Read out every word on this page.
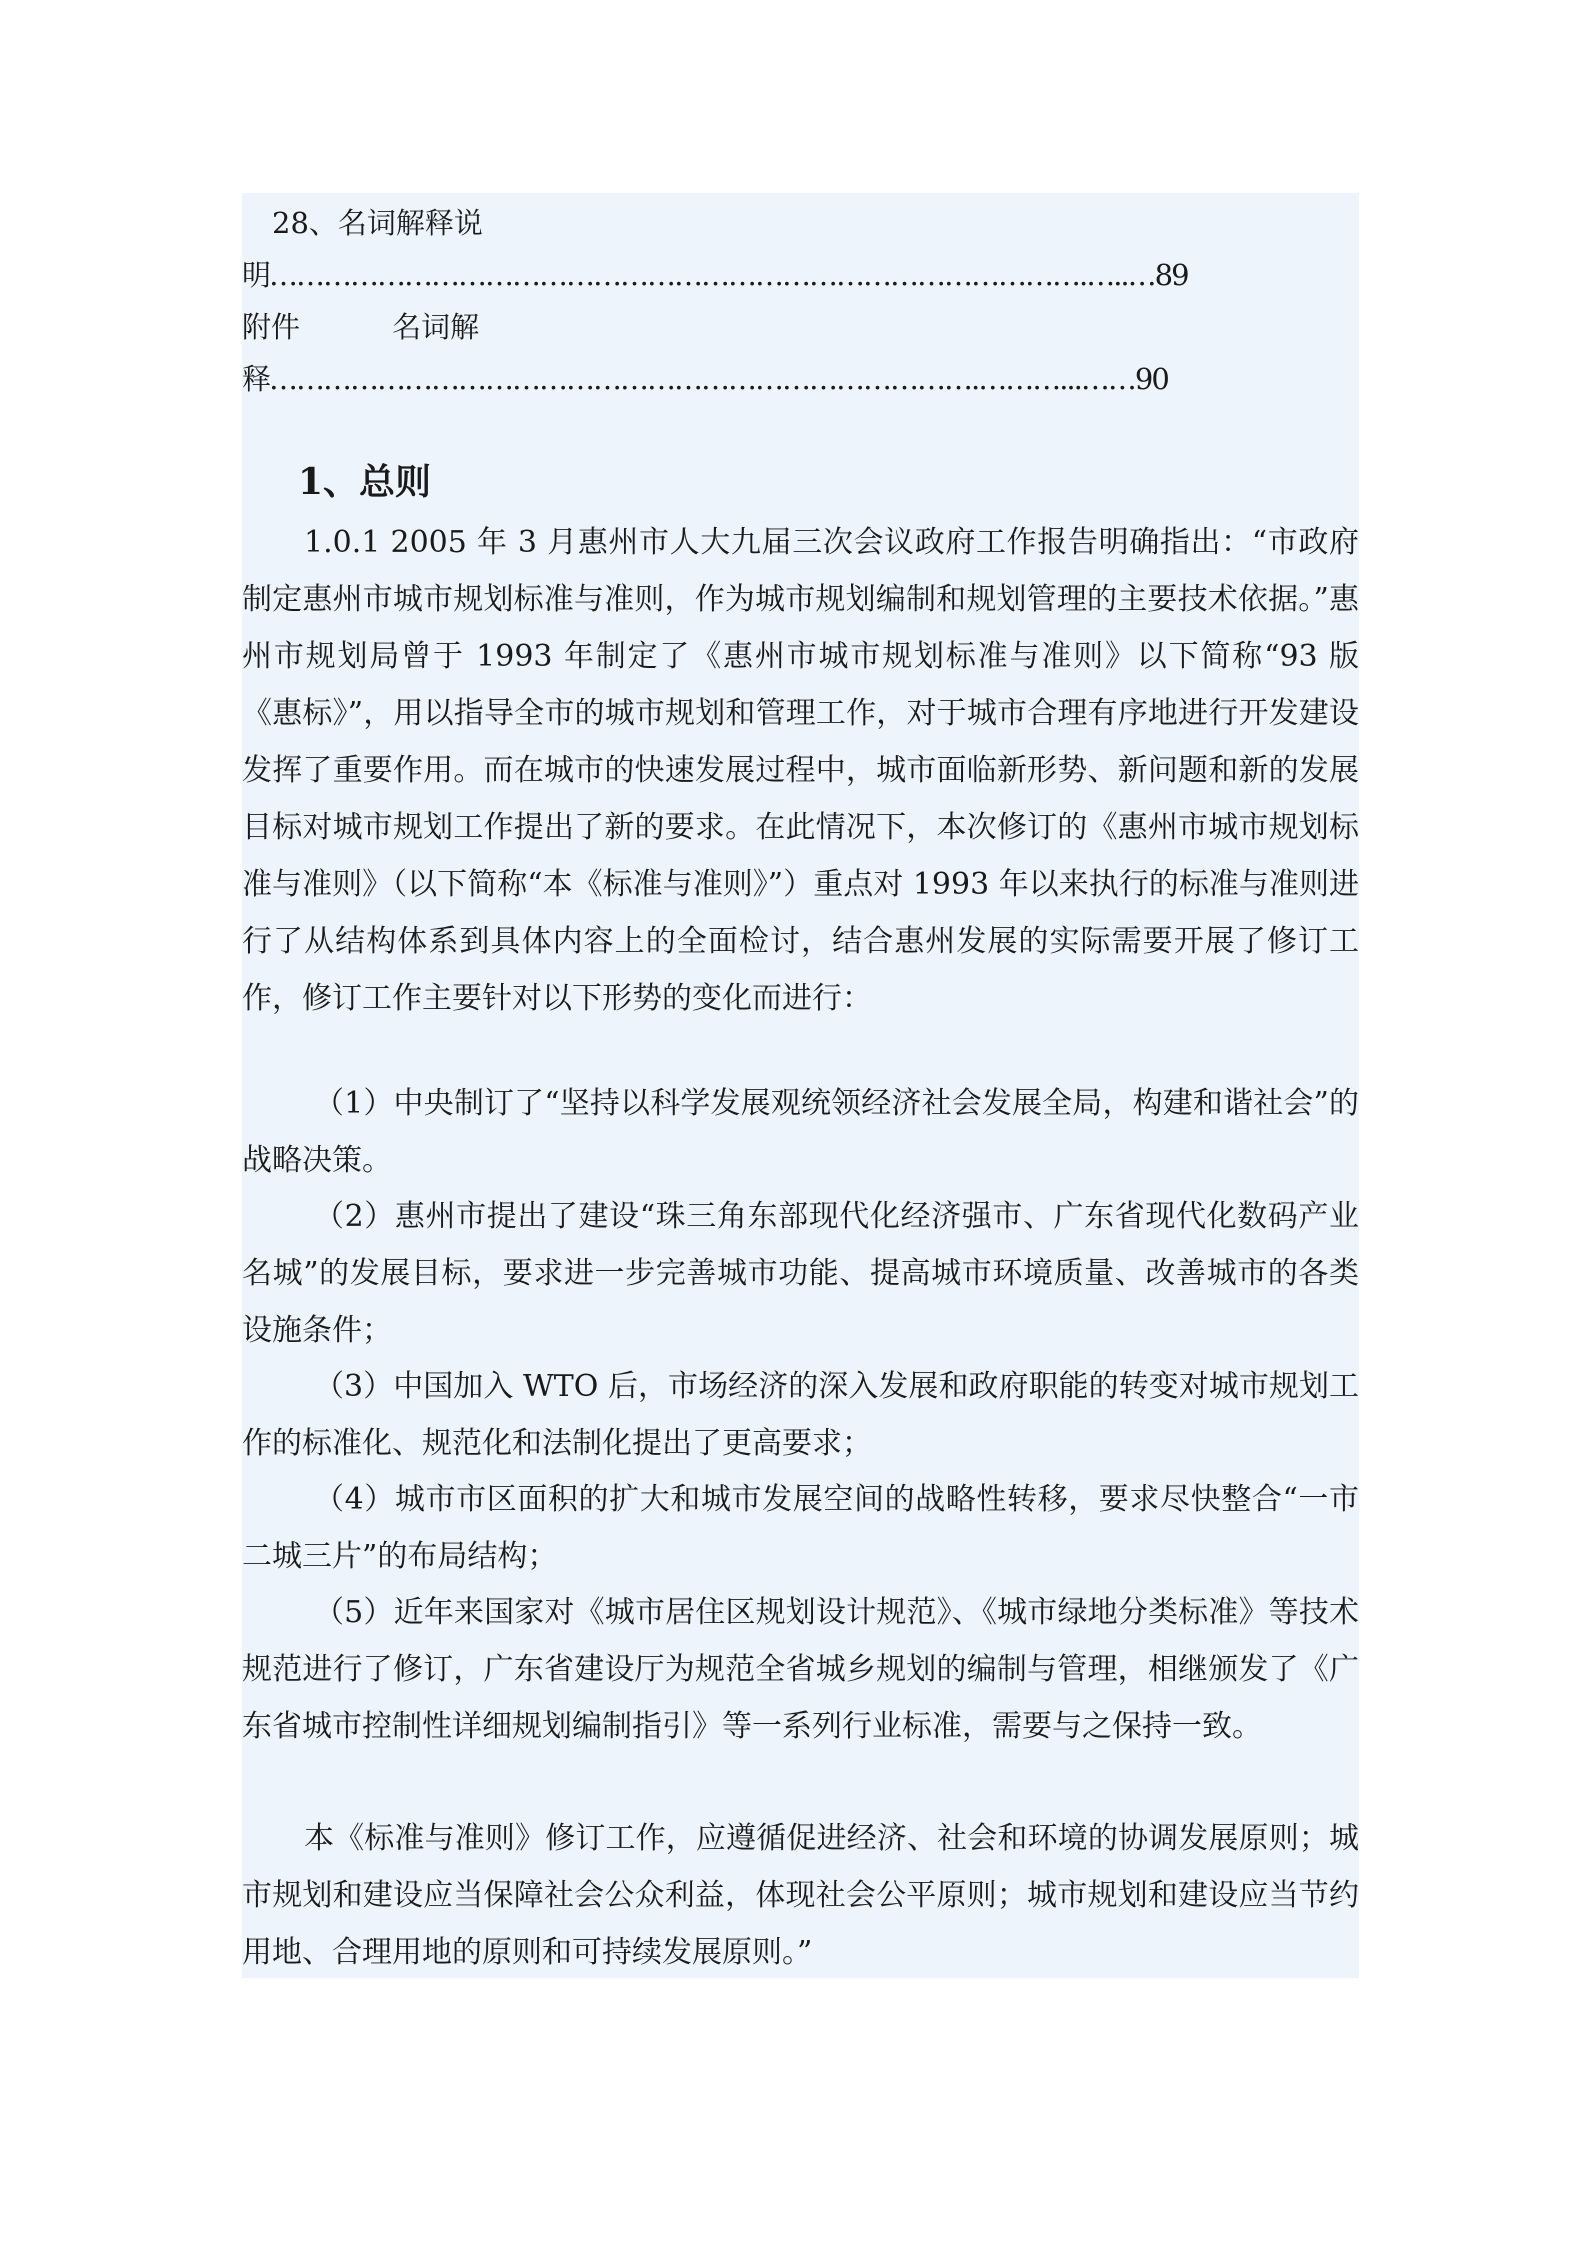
28、名词解释说
明……………………………………………………………………………….…..…89
附件          名词解
释…………………………………………………………………….………...……90
1、总则
1.0.1 2005 年 3 月惠州市人大九届三次会议政府工作报告明确指出：“市政府制定惠州市城市规划标准与准则，作为城市规划编制和规划管理的主要技术依据。”惠州市规划局曾于 1993 年制定了《惠州市城市规划标准与准则》以下简称“93 版《惠标》”，用以指导全市的城市规划和管理工作，对于城市合理有序地进行开发建设发挥了重要作用。而在城市的快速发展过程中，城市面临新形势、新问题和新的发展目标对城市规划工作提出了新的要求。在此情况下，本次修订的《惠州市城市规划标准与准则》（以下简称“本《标准与准则》”）重点对 1993 年以来执行的标准与准则进行了从结构体系到具体内容上的全面检讨，结合惠州发展的实际需要开展了修订工作，修订工作主要针对以下形势的变化而进行：
（1）中央制订了“坚持以科学发展观统领经济社会发展全局，构建和谐社会”的战略决策。
（2）惠州市提出了建设“珠三角东部现代化经济强市、广东省现代化数码产业名城”的发展目标，要求进一步完善城市功能、提高城市环境质量、改善城市的各类设施条件；
（3）中国加入 WTO 后，市场经济的深入发展和政府职能的转变对城市规划工作的标准化、规范化和法制化提出了更高要求；
（4）城市市区面积的扩大和城市发展空间的战略性转移，要求尽快整合“一市二城三片”的布局结构；
（5）近年来国家对《城市居住区规划设计规范》、《城市绿地分类标准》等技术规范进行了修订，广东省建设厅为规范全省城乡规划的编制与管理，相继颁发了《广东省城市控制性详细规划编制指引》等一系列行业标准，需要与之保持一致。
本《标准与准则》修订工作，应遵循促进经济、社会和环境的协调发展原则；城市规划和建设应当保障社会公众利益，体现社会公平原则；城市规划和建设应当节约用地、合理用地的原则和可持续发展原则。”
